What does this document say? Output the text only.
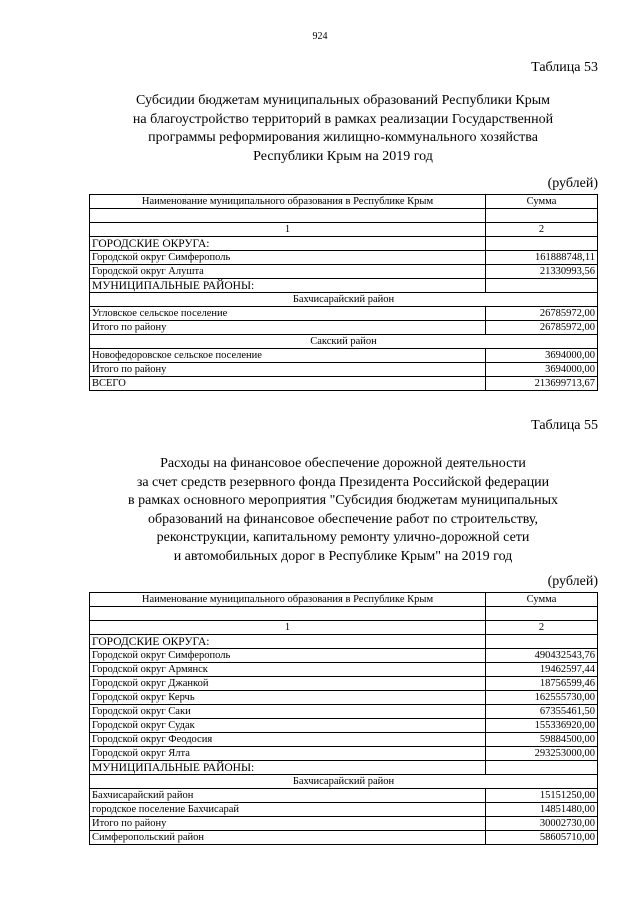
924
Таблица 53
Субсидии бюджетам муниципальных образований Республики Крым
на благоустройство территорий в рамках реализации Государственной
программы реформирования жилищно-коммунального хозяйства
Республики Крым на 2019 год
(рублей)
Наименование муниципального образования в Республике Крым	Сумма

1	2
ГОРОДСКИЕ ОКРУГА:	
Городской округ Симферополь	161888748,11
Городской округ Алушта	21330993,56
МУНИЦИПАЛЬНЫЕ РАЙОНЫ:	
Бахчисарайский район	
Угловское сельское поселение	26785972,00
Итого по району	26785972,00
Сакский район	
Новофедоровское сельское поселение	3694000,00
Итого по району	3694000,00
ВСЕГО	213699713,67
Таблица 55
Расходы на финансовое обеспечение дорожной деятельности
за счет средств резервного фонда Президента Российской федерации
в рамках основного мероприятия "Субсидия бюджетам муниципальных
образований на финансовое обеспечение работ по строительству,
реконструкции, капитальному ремонту улично-дорожной сети
и автомобильных дорог в Республике Крым" на 2019 год
(рублей)
Наименование муниципального образования в Республике Крым	Сумма

1	2
ГОРОДСКИЕ ОКРУГА:	
Городской округ Симферополь	490432543,76
Городской округ Армянск	19462597,44
Городской округ Джанкой	18756599,46
Городской округ Керчь	162555730,00
Городской округ Саки	67355461,50
Городской округ Судак	155336920,00
Городской округ Феодосия	59884500,00
Городской округ Ялта	293253000,00
МУНИЦИПАЛЬНЫЕ РАЙОНЫ:	
Бахчисарайский район	
Бахчисарайский район	15151250,00
городское поселение Бахчисарай	14851480,00
Итого по району	30002730,00
Симферопольский район	58605710,00
